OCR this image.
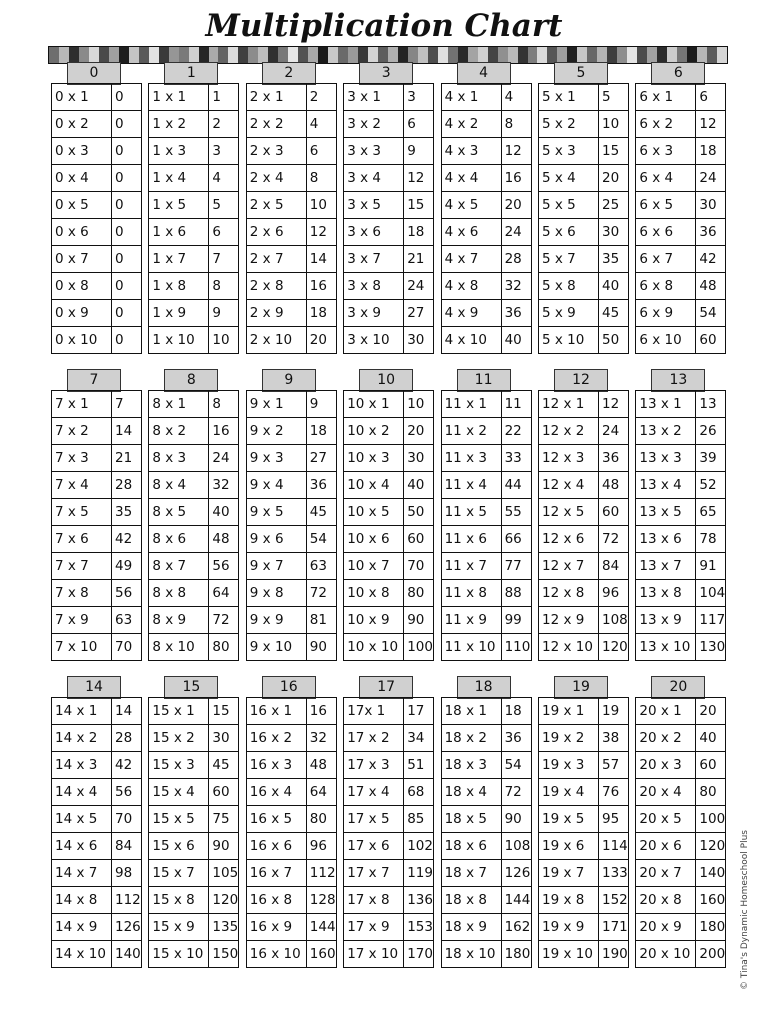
Multiplication Chart
0
0 x 1	0
0 x 2	0
0 x 3	0
0 x 4	0
0 x 5	0
0 x 6	0
0 x 7	0
0 x 8	0
0 x 9	0
0 x 10	0
1
1 x 1	1
1 x 2	2
1 x 3	3
1 x 4	4
1 x 5	5
1 x 6	6
1 x 7	7
1 x 8	8
1 x 9	9
1 x 10	10
2
2 x 1	2
2 x 2	4
2 x 3	6
2 x 4	8
2 x 5	10
2 x 6	12
2 x 7	14
2 x 8	16
2 x 9	18
2 x 10	20
3
3 x 1	3
3 x 2	6
3 x 3	9
3 x 4	12
3 x 5	15
3 x 6	18
3 x 7	21
3 x 8	24
3 x 9	27
3 x 10	30
4
4 x 1	4
4 x 2	8
4 x 3	12
4 x 4	16
4 x 5	20
4 x 6	24
4 x 7	28
4 x 8	32
4 x 9	36
4 x 10	40
5
5 x 1	5
5 x 2	10
5 x 3	15
5 x 4	20
5 x 5	25
5 x 6	30
5 x 7	35
5 x 8	40
5 x 9	45
5 x 10	50
6
6 x 1	6
6 x 2	12
6 x 3	18
6 x 4	24
6 x 5	30
6 x 6	36
6 x 7	42
6 x 8	48
6 x 9	54
6 x 10	60
7
7 x 1	7
7 x 2	14
7 x 3	21
7 x 4	28
7 x 5	35
7 x 6	42
7 x 7	49
7 x 8	56
7 x 9	63
7 x 10	70
8
8 x 1	8
8 x 2	16
8 x 3	24
8 x 4	32
8 x 5	40
8 x 6	48
8 x 7	56
8 x 8	64
8 x 9	72
8 x 10	80
9
9 x 1	9
9 x 2	18
9 x 3	27
9 x 4	36
9 x 5	45
9 x 6	54
9 x 7	63
9 x 8	72
9 x 9	81
9 x 10	90
10
10 x 1	10
10 x 2	20
10 x 3	30
10 x 4	40
10 x 5	50
10 x 6	60
10 x 7	70
10 x 8	80
10 x 9	90
10 x 10	100
11
11 x 1	11
11 x 2	22
11 x 3	33
11 x 4	44
11 x 5	55
11 x 6	66
11 x 7	77
11 x 8	88
11 x 9	99
11 x 10	110
12
12 x 1	12
12 x 2	24
12 x 3	36
12 x 4	48
12 x 5	60
12 x 6	72
12 x 7	84
12 x 8	96
12 x 9	108
12 x 10	120
13
13 x 1	13
13 x 2	26
13 x 3	39
13 x 4	52
13 x 5	65
13 x 6	78
13 x 7	91
13 x 8	104
13 x 9	117
13 x 10	130
14
14 x 1	14
14 x 2	28
14 x 3	42
14 x 4	56
14 x 5	70
14 x 6	84
14 x 7	98
14 x 8	112
14 x 9	126
14 x 10	140
15
15 x 1	15
15 x 2	30
15 x 3	45
15 x 4	60
15 x 5	75
15 x 6	90
15 x 7	105
15 x 8	120
15 x 9	135
15 x 10	150
16
16 x 1	16
16 x 2	32
16 x 3	48
16 x 4	64
16 x 5	80
16 x 6	96
16 x 7	112
16 x 8	128
16 x 9	144
16 x 10	160
17
17x 1	17
17 x 2	34
17 x 3	51
17 x 4	68
17 x 5	85
17 x 6	102
17 x 7	119
17 x 8	136
17 x 9	153
17 x 10	170
18
18 x 1	18
18 x 2	36
18 x 3	54
18 x 4	72
18 x 5	90
18 x 6	108
18 x 7	126
18 x 8	144
18 x 9	162
18 x 10	180
19
19 x 1	19
19 x 2	38
19 x 3	57
19 x 4	76
19 x 5	95
19 x 6	114
19 x 7	133
19 x 8	152
19 x 9	171
19 x 10	190
20
20 x 1	20
20 x 2	40
20 x 3	60
20 x 4	80
20 x 5	100
20 x 6	120
20 x 7	140
20 x 8	160
20 x 9	180
20 x 10	200 © Tina's Dynamic Homeschool Plus
